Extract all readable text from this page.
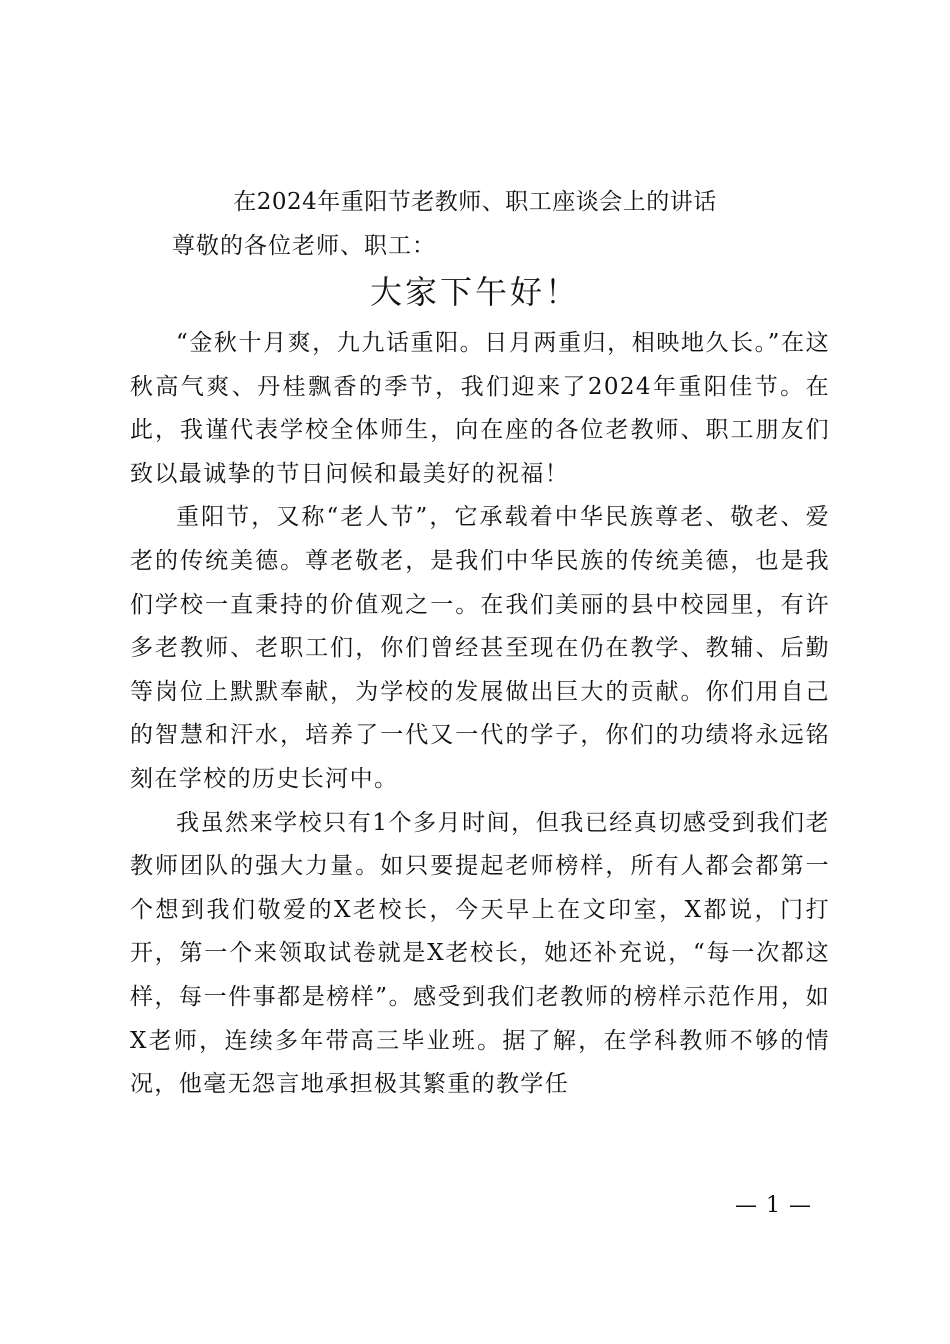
在2024年重阳节老教师、职工座谈会上的讲话
尊敬的各位老师、职工：
大家下午好！

“金秋十月爽，九九话重阳。日月两重归，相映地久长。”在这秋高气爽、丹桂飘香的季节，我们迎来了2024年重阳佳节。在此，我谨代表学校全体师生，向在座的各位老教师、职工朋友们致以最诚挚的节日问候和最美好的祝福！

重阳节，又称“老人节”，它承载着中华民族尊老、敬老、爱老的传统美德。尊老敬老，是我们中华民族的传统美德，也是我们学校一直秉持的价值观之一。在我们美丽的县中校园里，有许多老教师、老职工们，你们曾经甚至现在仍在教学、教辅、后勤等岗位上默默奉献，为学校的发展做出巨大的贡献。你们用自己的智慧和汗水，培养了一代又一代的学子，你们的功绩将永远铭刻在学校的历史长河中。

我虽然来学校只有1个多月时间，但我已经真切感受到我们老教师团队的强大力量。如只要提起老师榜样，所有人都会都第一个想到我们敬爱的X老校长，今天早上在文印室，X都说，门打开，第一个来领取试卷就是X老校长，她还补充说，“每一次都这样，每一件事都是榜样”。感受到我们老教师的榜样示范作用，如X老师，连续多年带高三毕业班。据了解，在学科教师不够的情况，他毫无怨言地承担极其繁重的教学任

— 1 —
